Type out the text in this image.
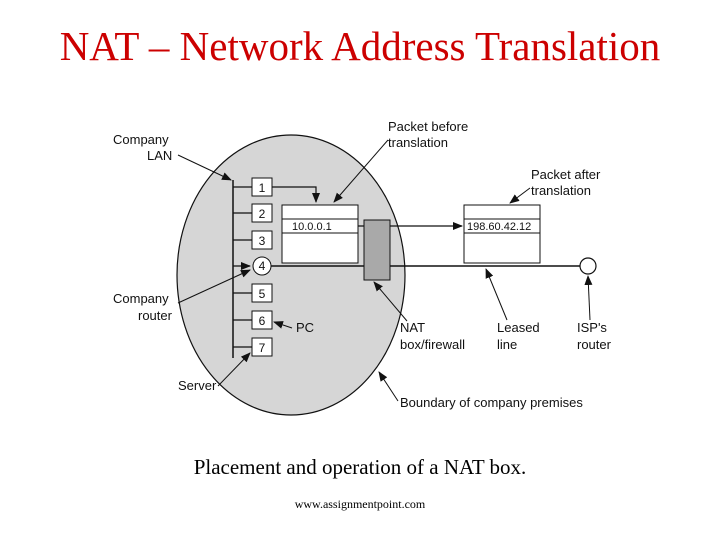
NAT – Network Address Translation
1
2
3
4
5
6
7
10.0.0.1	198.60.42.12
Company
LAN
Packet before
translation
Packet after
translation
Company
router
PC	NAT
box/firewall
Leased
line
ISP's
router
Server
Boundary of company premises
Placement and operation of a NAT box.
www.assignmentpoint.com
